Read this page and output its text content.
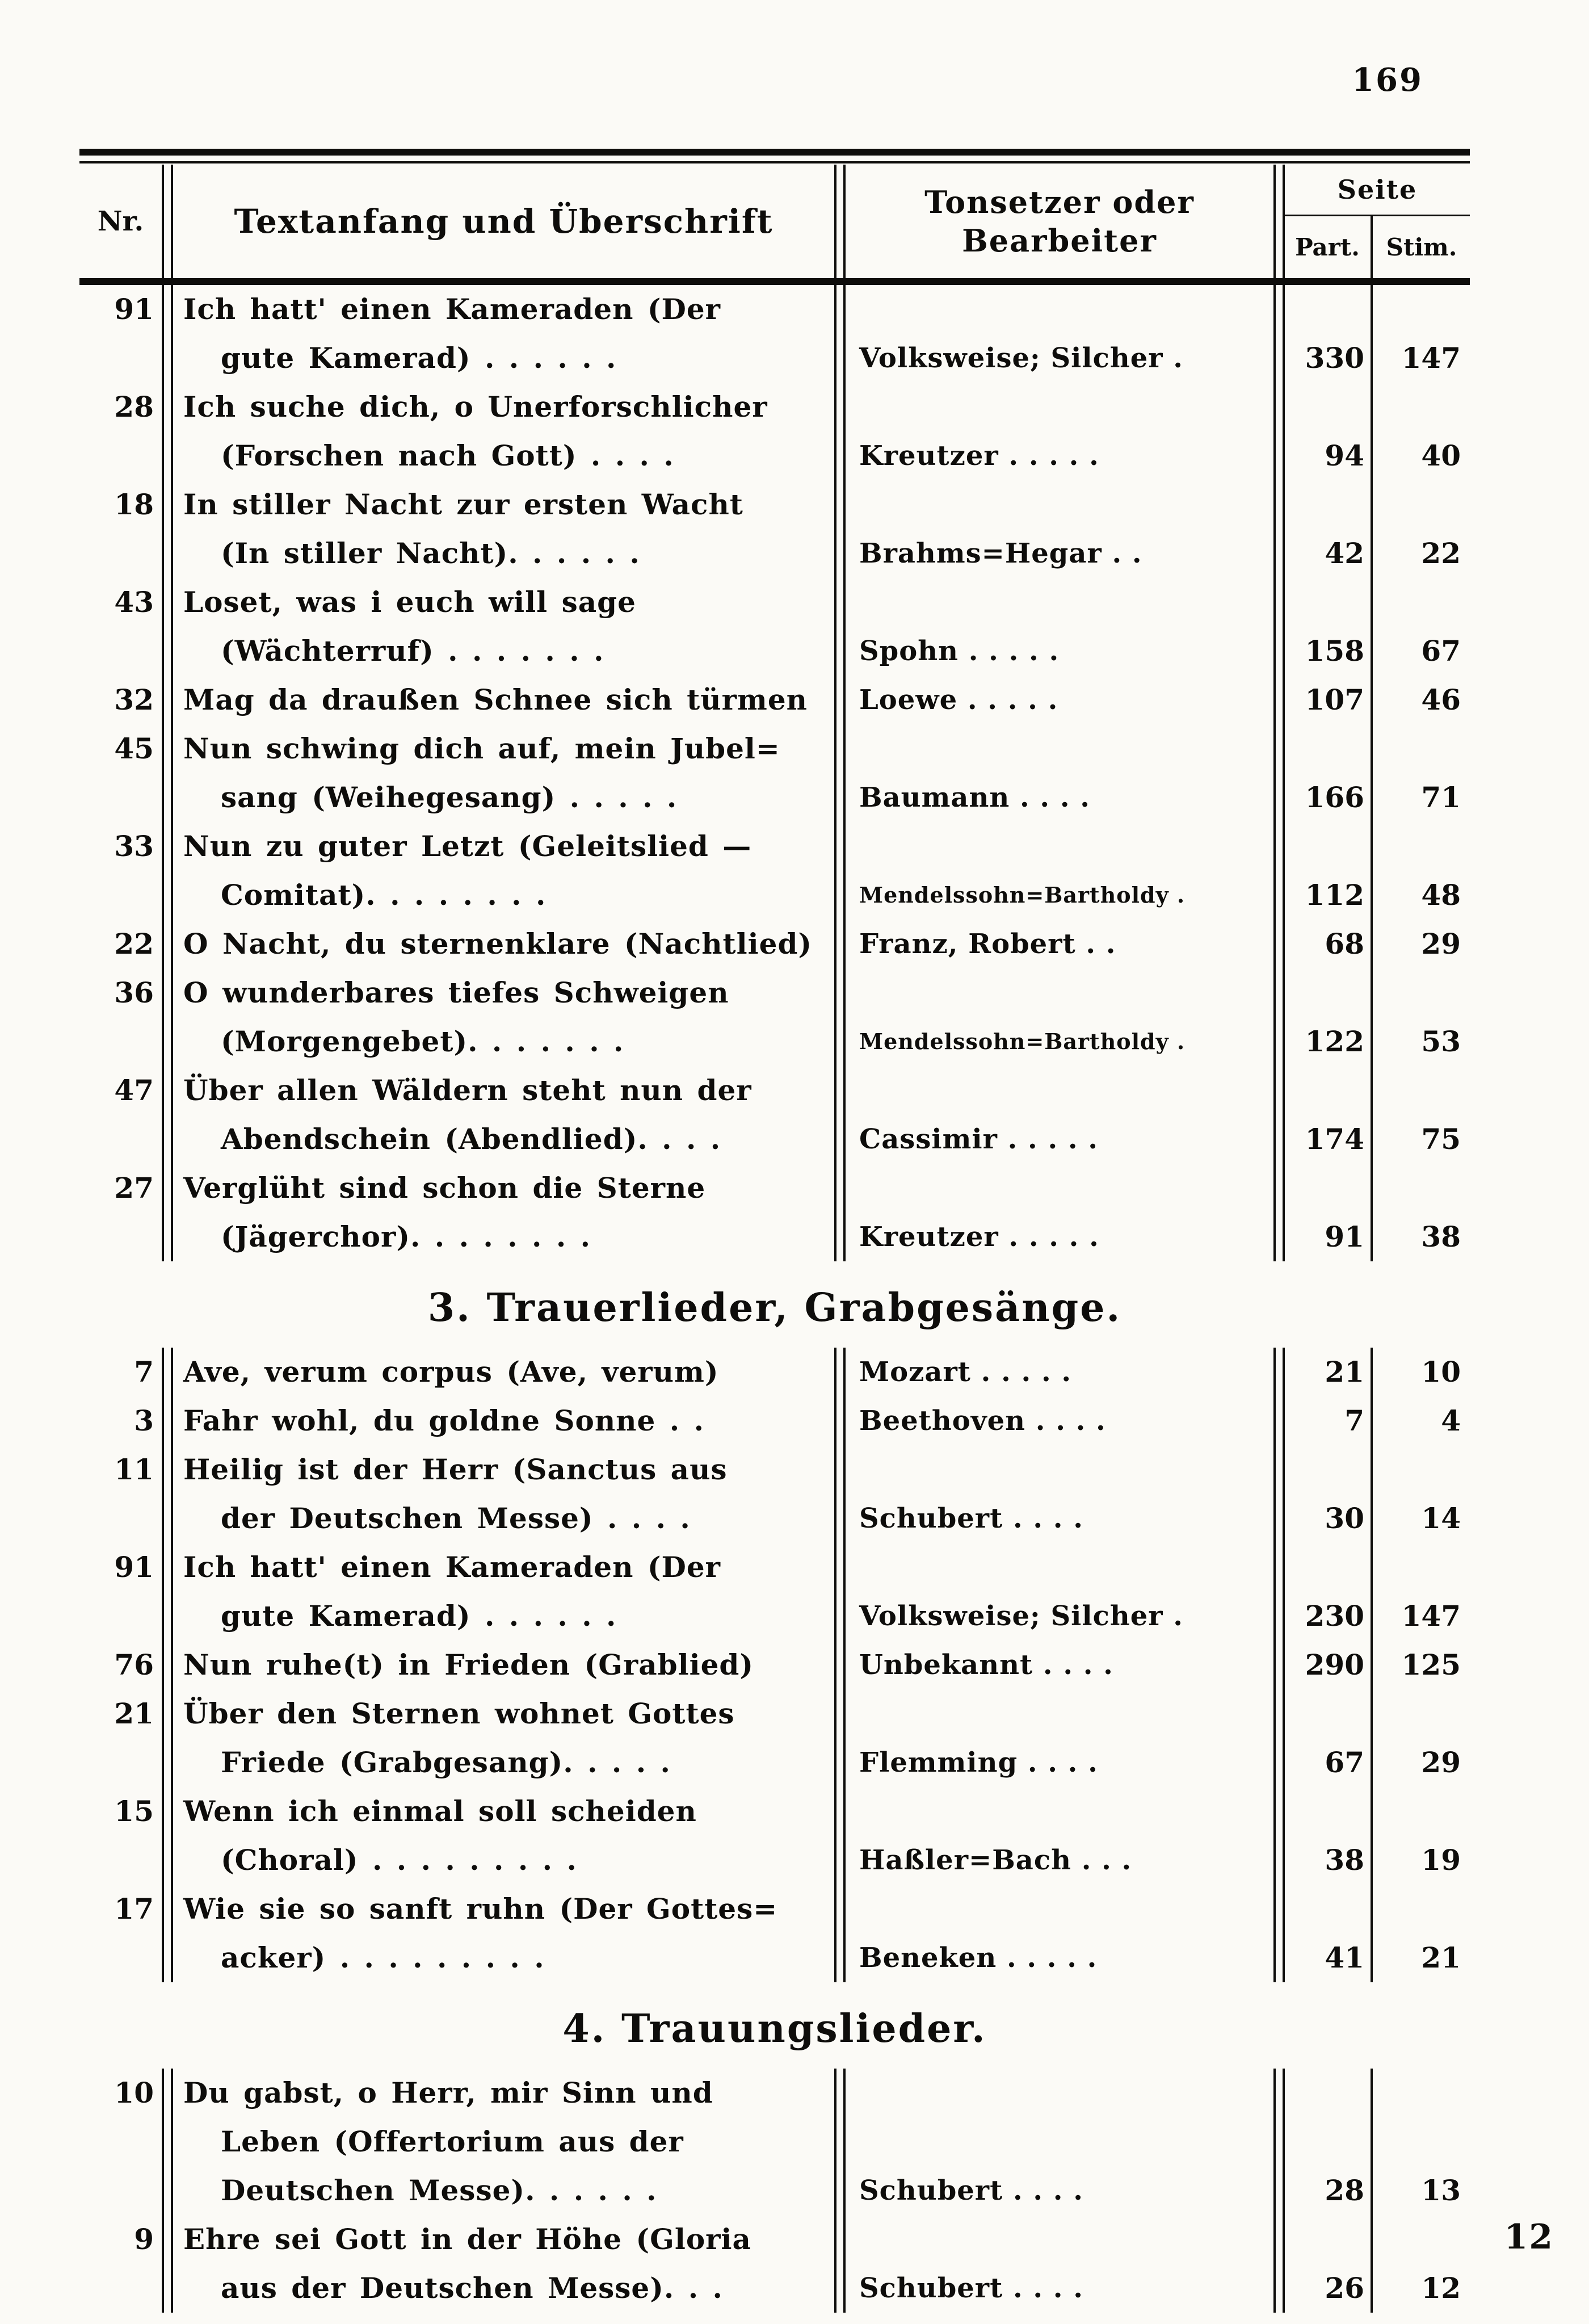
169
Nr.	Textanfang und Überschrift	Tonsetzer oder
Bearbeiter
Seite
Part.	Stim.
91 Ich hatt' einen Kameraden (Der
gute Kamerad) . . . . . .	Volksweise; Silcher .	330	147
28 Ich suche dich, o Unerforschlicher
(Forschen nach Gott) . . . .	Kreutzer . . . . .	94	40
18 In stiller Nacht zur ersten Wacht
(In stiller Nacht). . . . . .	Brahms=Hegar . .	42	22
43 Loset, was i euch will sage
(Wächterruf) . . . . . . .	Spohn . . . . .	158	67
32 Mag da draußen Schnee sich türmen	Loewe . . . . .	107	46
45 Nun schwing dich auf, mein Jubel=
sang (Weihegesang) . . . . .	Baumann . . . .	166	71
33 Nun zu guter Letzt (Geleitslied —
Comitat). . . . . . . .	Mendelssohn=Bartholdy .	112	48
22 O Nacht, du sternenklare (Nachtlied)	Franz, Robert . .	68	29
36 O wunderbares tiefes Schweigen
(Morgengebet). . . . . . .	Mendelssohn=Bartholdy .	122	53
47 Über allen Wäldern steht nun der
Abendschein (Abendlied). . . .	Cassimir . . . . .	174	75
27 Verglüht sind schon die Sterne
(Jägerchor). . . . . . . .	Kreutzer . . . . .	91	38
3. Trauerlieder, Grabgesänge.
7 Ave, verum corpus (Ave, verum)	Mozart . . . . .	21	10
3 Fahr wohl, du goldne Sonne . .	Beethoven . . . .	7	4
11 Heilig ist der Herr (Sanctus aus
der Deutschen Messe) . . . .	Schubert . . . .	30	14
91 Ich hatt' einen Kameraden (Der
gute Kamerad) . . . . . .	Volksweise; Silcher .	230	147
76 Nun ruhe(t) in Frieden (Grablied)	Unbekannt . . . .	290	125
21 Über den Sternen wohnet Gottes
Friede (Grabgesang). . . . .	Flemming . . . .	67	29
15 Wenn ich einmal soll scheiden
(Choral) . . . . . . . . .	Haßler=Bach . . .	38	19
17 Wie sie so sanft ruhn (Der Gottes=
acker) . . . . . . . . .	Beneken . . . . .	41	21
4. Trauungslieder.
10 Du gabst, o Herr, mir Sinn und
Leben (Offertorium aus der
Deutschen Messe). . . . . .	Schubert . . . .	28	13
9 Ehre sei Gott in der Höhe (Gloria
aus der Deutschen Messe). . .	Schubert . . . .	26	12
12
